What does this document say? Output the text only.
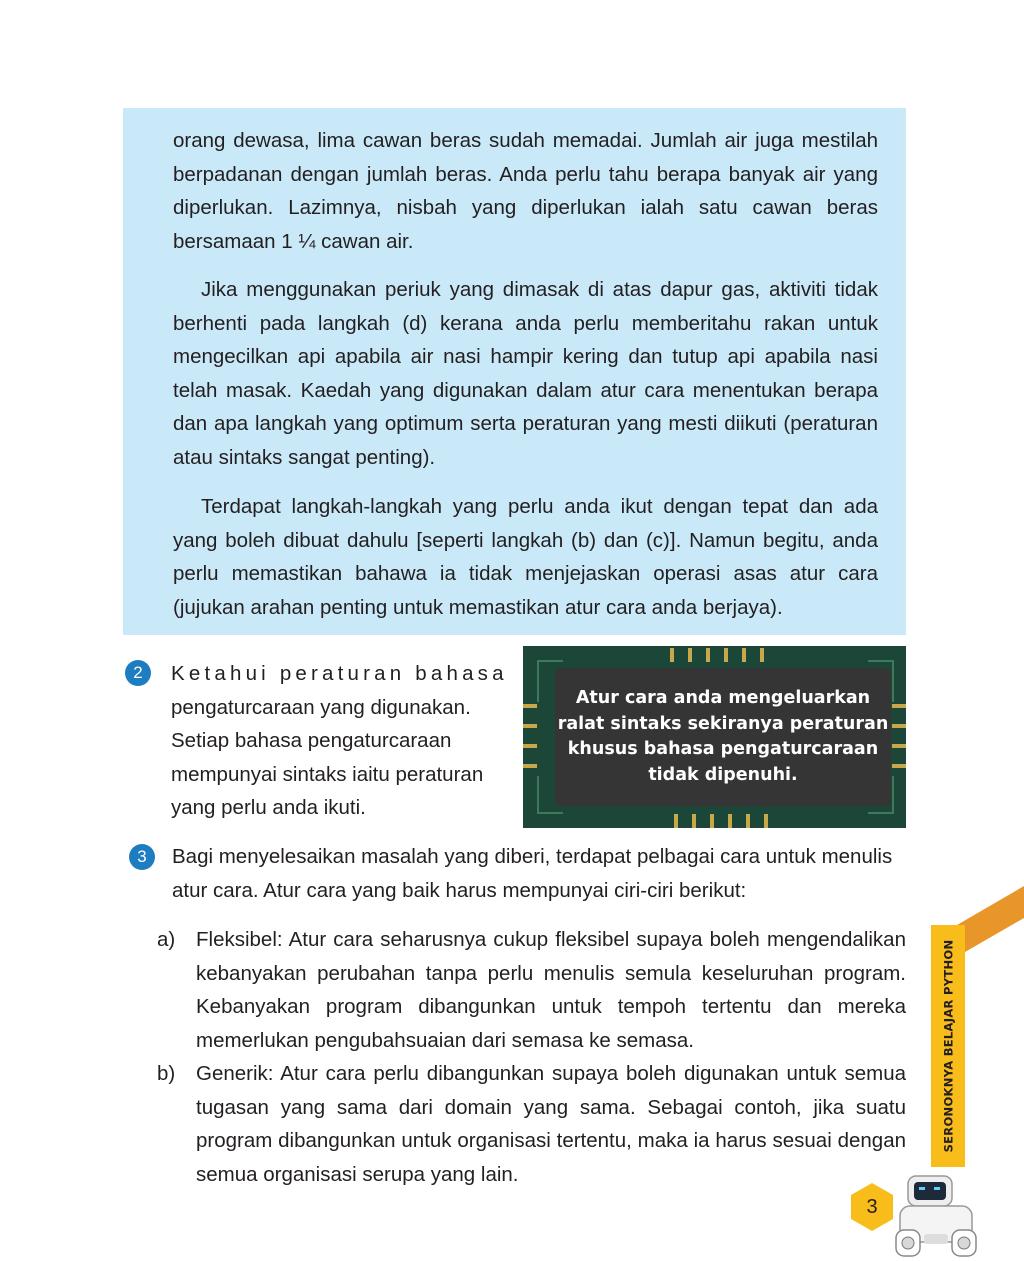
orang dewasa, lima cawan beras sudah memadai. Jumlah air juga mestilah berpadanan dengan jumlah beras. Anda perlu tahu berapa banyak air yang diperlukan. Lazimnya, nisbah yang diperlukan ialah satu cawan beras bersamaan 1 ¼ cawan air.

Jika menggunakan periuk yang dimasak di atas dapur gas, aktiviti tidak berhenti pada langkah (d) kerana anda perlu memberitahu rakan untuk mengecilkan api apabila air nasi hampir kering dan tutup api apabila nasi telah masak. Kaedah yang digunakan dalam atur cara menentukan berapa dan apa langkah yang optimum serta peraturan yang mesti diikuti (peraturan atau sintaks sangat penting).

Terdapat langkah-langkah yang perlu anda ikut dengan tepat dan ada yang boleh dibuat dahulu [seperti langkah (b) dan (c)]. Namun begitu, anda perlu memastikan bahawa ia tidak menjejaskan operasi asas atur cara (jujukan arahan penting untuk memastikan atur cara anda berjaya).

2	Ketahui peraturan bahasa
pengaturcaraan yang digunakan. Setiap bahasa pengaturcaraan mempunyai sintaks iaitu peraturan yang perlu anda ikuti.

Atur cara anda mengeluarkan ralat sintaks sekiranya peraturan khusus bahasa pengaturcaraan tidak dipenuhi.

3	Bagi menyelesaikan masalah yang diberi, terdapat pelbagai cara untuk menulis atur cara. Atur cara yang baik harus mempunyai ciri-ciri berikut:

a) Fleksibel: Atur cara seharusnya cukup fleksibel supaya boleh mengendalikan kebanyakan perubahan tanpa perlu menulis semula keseluruhan program. Kebanyakan program dibangunkan untuk tempoh tertentu dan mereka memerlukan pengubahsuaian dari semasa ke semasa.

b) Generik: Atur cara perlu dibangunkan supaya boleh digunakan untuk semua tugasan yang sama dari domain yang sama. Sebagai contoh, jika suatu program dibangunkan untuk organisasi tertentu, maka ia harus sesuai dengan semua organisasi serupa yang lain.

SERONOKNYA BELAJAR PYTHON
3
